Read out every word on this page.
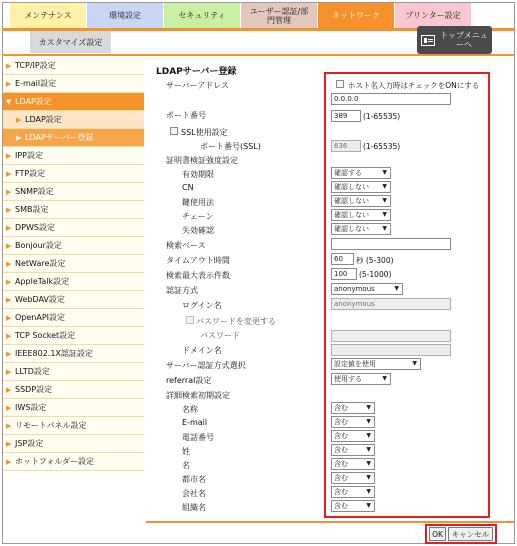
メンテナンス	環境設定	セキュリティ	ユーザー認証/部門管理	ネットワーク	プリンター設定
カスタマイズ設定
トップメニューへ
▶ TCP/IP設定
▶ E-mail設定
▼ LDAP設定
▶ LDAP設定
▶ LDAPサーバー登録
▶ IPP設定
▶ FTP設定
▶ SNMP設定
▶ SMB設定
▶ DPWS設定
▶ Bonjour設定
▶ NetWare設定
▶ AppleTalk設定
▶ WebDAV設定
▶ OpenAPI設定
▶ TCP Socket設定
▶ IEEE802.1X認証設定
▶ LLTD設定
▶ SSDP設定
▶ IWS設定
▶ リモートパネル設定
▶ JSP設定
▶ ホットフォルダー設定
LDAPサーバー登録
サーバーアドレス	ホスト名入力時はチェックをONにする
0.0.0.0
ポート番号	389	(1-65535)
SSL使用設定
ポート番号(SSL)	636	(1-65535)
証明書検証強度設定
有効期限	確認する	▼
CN	確認しない ▼
鍵使用法	確認しない ▼
チェーン	確認しない ▼
失効確認	確認しない ▼
検索ベース
タイムアウト時間	60	秒 (5-300)
検索最大表示件数	100	(5-1000)
認証方式	anonymous	▼
ログイン名	anonymous
パスワードを変更する
パスワード
ドメイン名
サーバー認証方式選択	設定値を使用	▼
referral設定	使用する	▼
詳細検索初期設定
名称	含む	▼
E-mail	含む	▼
電話番号	含む	▼
姓	含む	▼
名	含む	▼
都市名	含む	▼
会社名	含む	▼
組織名	含む	▼
OK	キャンセル
